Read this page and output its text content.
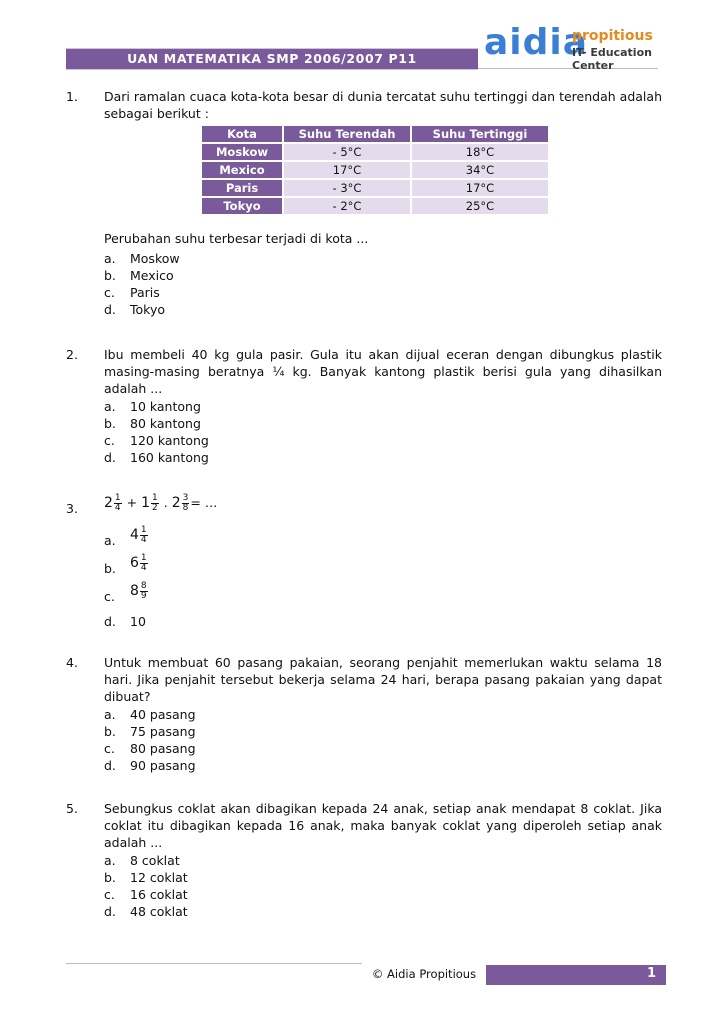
UAN MATEMATIKA SMP 2006/2007 P11	aidia
propitious
IT- Education Center
1. Dari ramalan cuaca kota-kota besar di dunia tercatat suhu tertinggi dan terendah adalah sebagai berikut :
Kota	Suhu Terendah	Suhu Tertinggi
Moskow	- 5°C	18°C
Mexico	17°C	34°C
Paris	- 3°C	17°C
Tokyo	- 2°C	25°C
Perubahan suhu terbesar terjadi di kota ...
a. Moskow
b. Mexico
c. Paris
d. Tokyo
2. Ibu membeli 40 kg gula pasir. Gula itu akan dijual eceran dengan dibungkus plastik masing-masing beratnya ¼ kg. Banyak kantong plastik berisi gula yang dihasilkan adalah ...
a. 10 kantong
b. 80 kantong
c. 120 kantong
d. 160 kantong
3. $2 \frac{1}{4} + 1 \frac{1}{2}$ . $2 \frac{3}{8}$ = …
a. $4 \frac{1}{4}$
b. $6 \frac{1}{4}$
c. $8 \frac{8}{9}$
d. 10
4. Untuk membuat 60 pasang pakaian, seorang penjahit memerlukan waktu selama 18 hari. Jika penjahit tersebut bekerja selama 24 hari, berapa pasang pakaian yang dapat dibuat?
a. 40 pasang
b. 75 pasang
c. 80 pasang
d. 90 pasang
5. Sebungkus coklat akan dibagikan kepada 24 anak, setiap anak mendapat 8 coklat. Jika coklat itu dibagikan kepada 16 anak, maka banyak coklat yang diperoleh setiap anak adalah ...
a. 8 coklat
b. 12 coklat
c. 16 coklat
d. 48 coklat
© Aidia Propitious	1
